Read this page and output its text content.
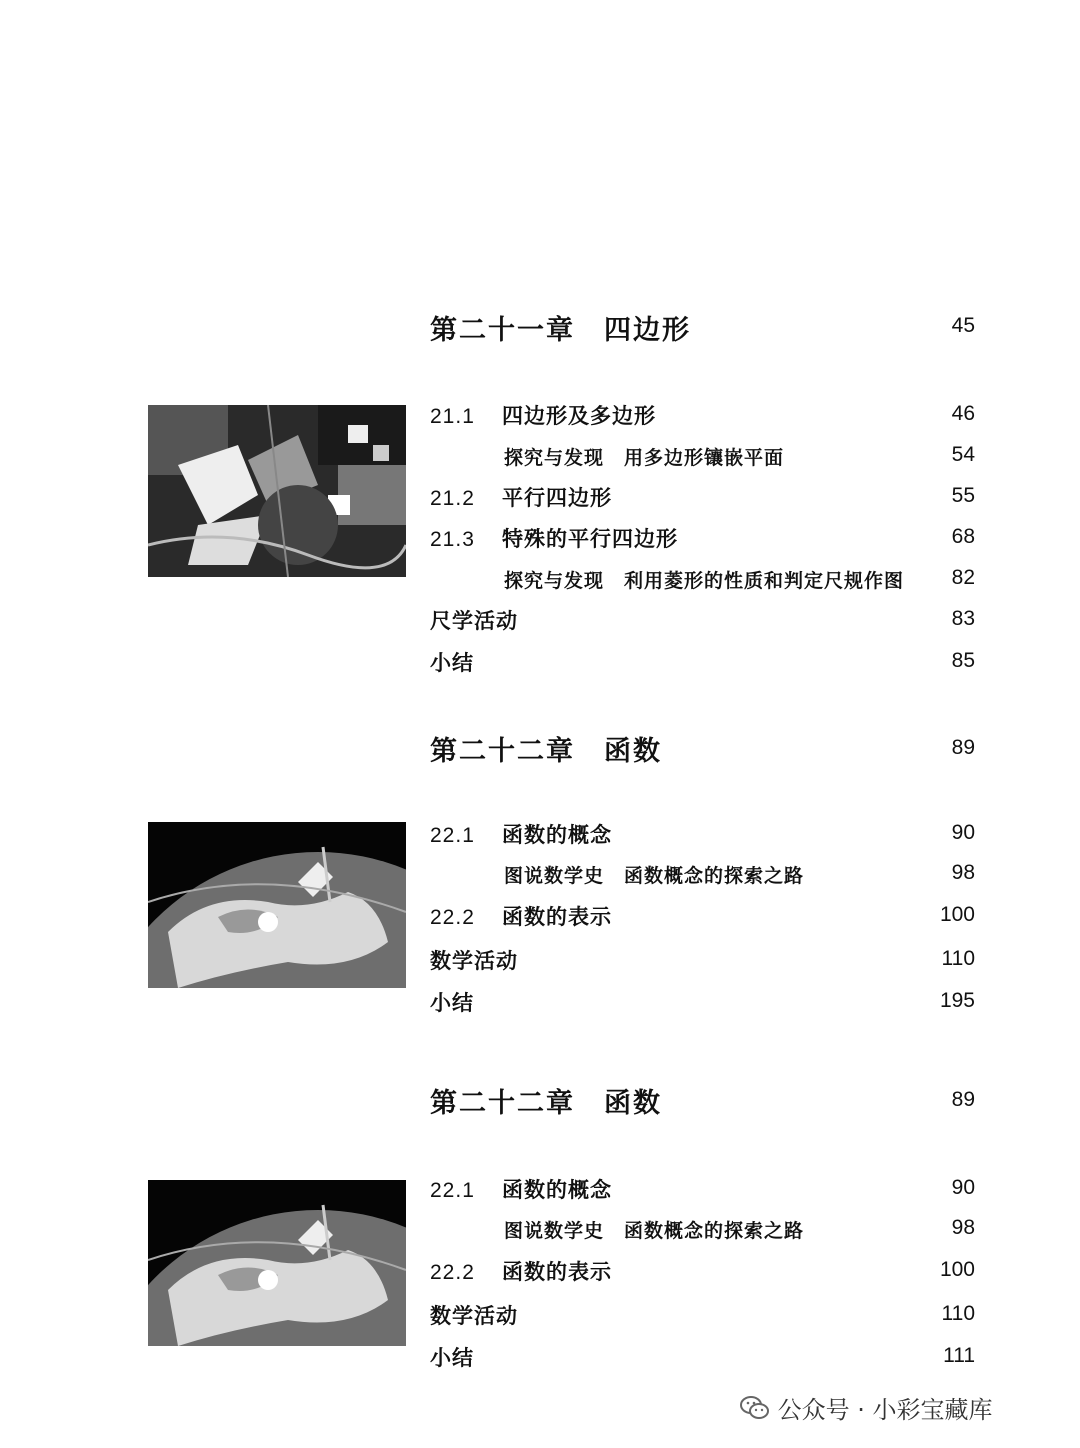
第二十一章　四边形	45
21.1 四边形及多边形	46
探究与发现　用多边形镶嵌平面	54
21.2 平行四边形	55
21.3 特殊的平行四边形	68
探究与发现　利用菱形的性质和判定尺规作图	82
尺学活动	83
小结	85
第二十二章　函数	89
22.1 函数的概念	90
图说数学史　函数概念的探索之路	98
22.2 函数的表示	100
数学活动	110
小结	195
第二十二章　函数	89
22.1 函数的概念	90
图说数学史　函数概念的探索之路	98
22.2 函数的表示	100
数学活动	110
小结	111
公众号 · 小彩宝藏库
